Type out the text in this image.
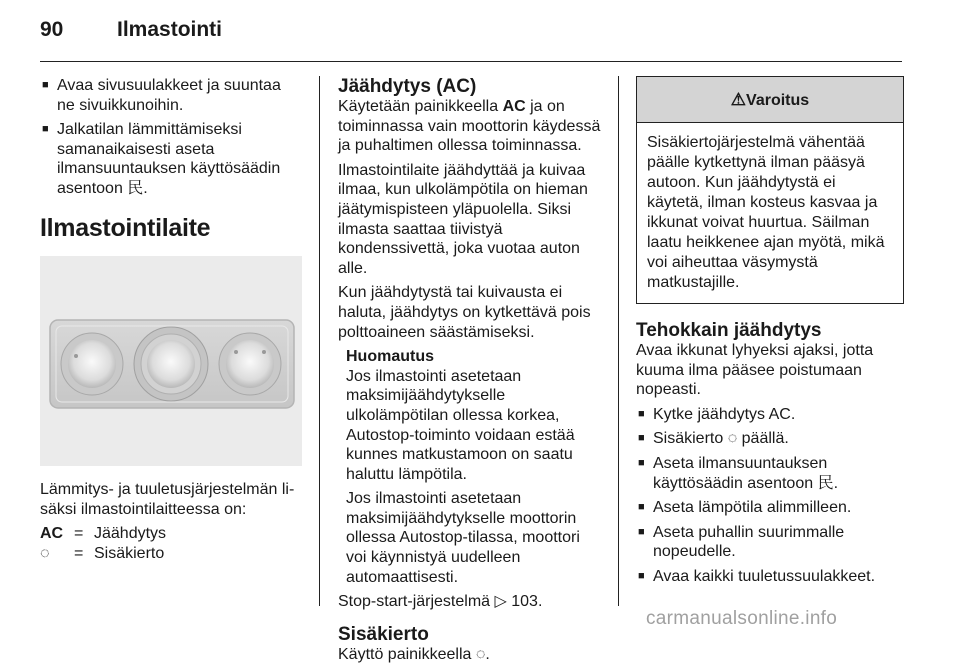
90	Ilmastointi
■ Avaa sivusuulakkeet ja suuntaa ne sivuikkunoihin.
■ Jalkatilan lämmittämiseksi samanaikaisesti aseta ilmansuuntauksen käyttösäädin asentoon ⺠.
Ilmastointilaite

Lämmitys- ja tuuletusjärjestelmän li-säksi ilmastointilaitteessa on:

AC = Jäähdytys
◌	= Sisäkierto
Jäähdytys (AC)

Käytetään painikkeella AC ja on toiminnassa vain moottorin käydessä ja puhaltimen ollessa toiminnassa.

Ilmastointilaite jäähdyttää ja kuivaa ilmaa, kun ulkolämpötila on hieman jäätymispisteen yläpuolella. Siksi ilmasta saattaa tiivistyä kondenssivettä, joka vuotaa auton alle.

Kun jäähdytystä tai kuivausta ei haluta, jäähdytys on kytkettävä pois polttoaineen säästämiseksi.

Huomautus

Jos ilmastointi asetetaan maksimijäähdytykselle ulkolämpötilan ollessa korkea, Autostop-toiminto voidaan estää kunnes matkustamoon on saatu haluttu lämpötila.

Jos ilmastointi asetetaan maksimijäähdytykselle moottorin ollessa Autostop-tilassa, moottori voi käynnistyä uudelleen automaattisesti.

Stop-start-järjestelmä ▷ 103.

Sisäkierto

Käyttö painikkeella ◌.

⚠Varoitus
Sisäkiertojärjestelmä vähentää päälle kytkettynä ilman pääsyä autoon. Kun jäähdytystä ei käytetä, ilman kosteus kasvaa ja ikkunat voivat huurtua. Säilman laatu heikkenee ajan myötä, mikä voi aiheuttaa väsymystä matkustajille.
Tehokkain jäähdytys

Avaa ikkunat lyhyeksi ajaksi, jotta kuuma ilma pääsee poistumaan nopeasti.

■ Kytke jäähdytys AC.
■ Sisäkierto ◌ päällä.
■ Aseta ilmansuuntauksen käyttösäädin asentoon ⺠.
■ Aseta lämpötila alimmilleen.
■ Aseta puhallin suurimmalle nopeudelle.
■ Avaa kaikki tuuletussuulakkeet.
carmanualsonline.info
